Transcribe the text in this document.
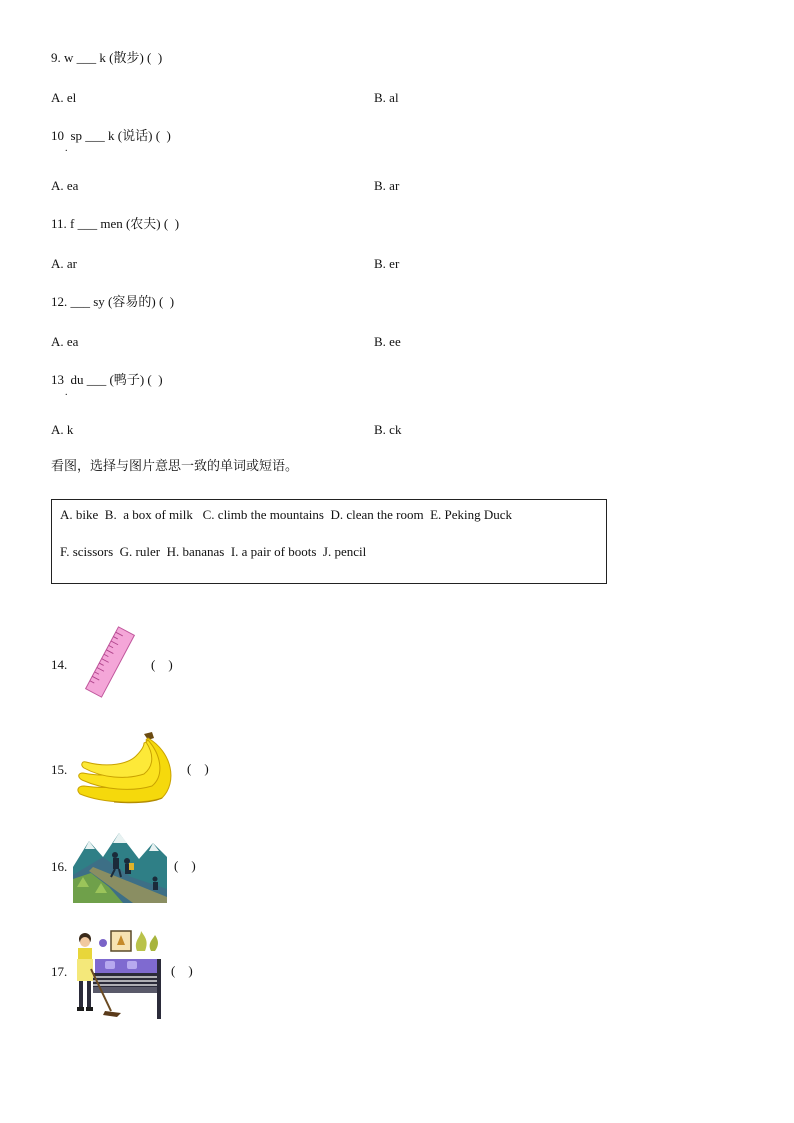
9. w ___ k (散步) (  )
A. el	B. al
10  sp ___ k (说话) (  )
.
A. ea	B. ar
11. f ___ men (农夫) (  )
A. ar	B. er
12. ___ sy (容易的) (  )
A. ea	B. ee
13  du ___ (鸭子) (  )
.
A. k	B. ck
看图，选择与图片意思一致的单词或短语。
A. bike  B.  a box of milk   C. climb the mountains  D. clean the room  E. Peking Duck
F. scissors  G. ruler  H. bananas  I. a pair of boots  J. pencil
14.	(    )
15.	(    )
16.	(    )
17.	(    )
